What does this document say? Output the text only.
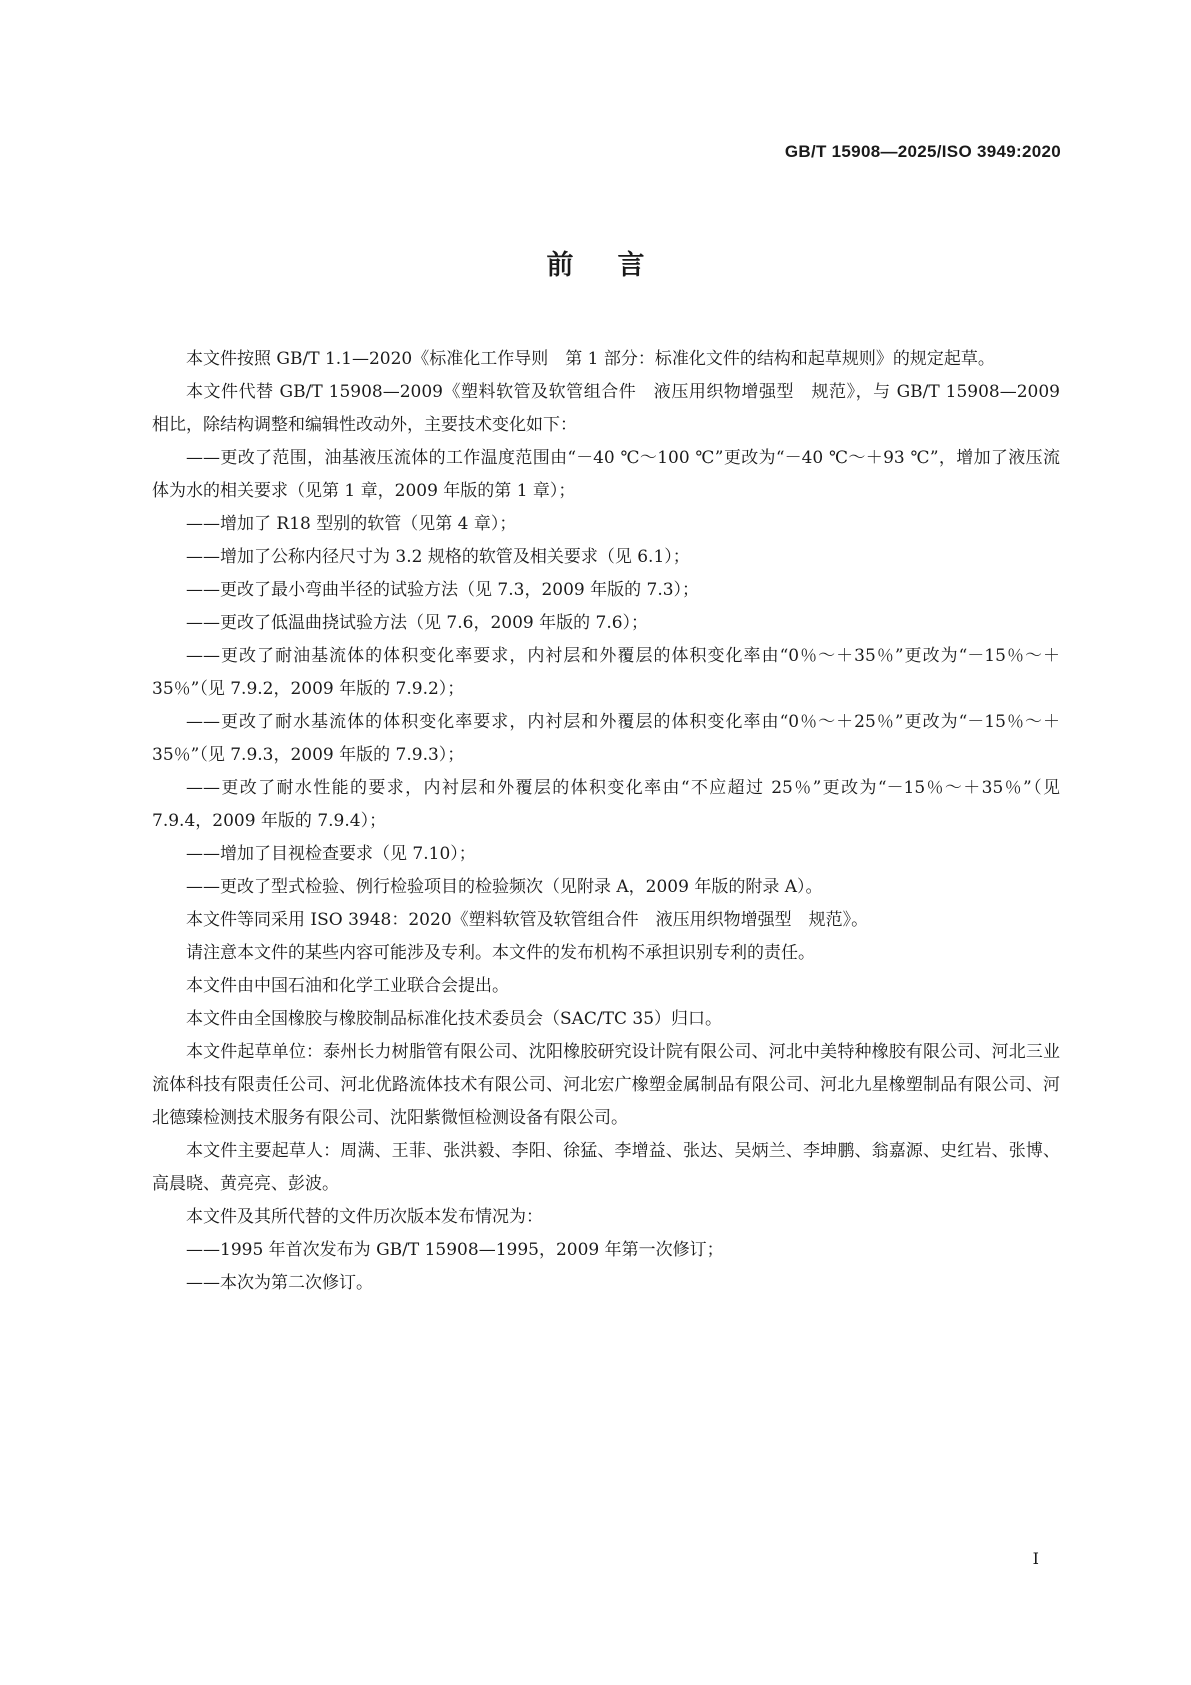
GB/T 15908—2025/ISO 3949:2020
前言

本文件按照 GB/T 1.1—2020《标准化工作导则　第 1 部分：标准化文件的结构和起草规则》的规定起草。

本文件代替 GB/T 15908—2009《塑料软管及软管组合件　液压用织物增强型　规范》，与 GB/T 15908—2009 相比，除结构调整和编辑性改动外，主要技术变化如下：

——更改了范围，油基液压流体的工作温度范围由“－40 ℃～100 ℃”更改为“－40 ℃～＋93 ℃”，增加了液压流体为水的相关要求（见第 1 章，2009 年版的第 1 章）；

——增加了 R18 型别的软管（见第 4 章）；

——增加了公称内径尺寸为 3.2 规格的软管及相关要求（见 6.1）；

——更改了最小弯曲半径的试验方法（见 7.3，2009 年版的 7.3）；

——更改了低温曲挠试验方法（见 7.6，2009 年版的 7.6）；

——更改了耐油基流体的体积变化率要求，内衬层和外覆层的体积变化率由“0％～＋35％”更改为“－15％～＋35％”（见 7.9.2，2009 年版的 7.9.2）；

——更改了耐水基流体的体积变化率要求，内衬层和外覆层的体积变化率由“0％～＋25％”更改为“－15％～＋35％”（见 7.9.3，2009 年版的 7.9.3）；

——更改了耐水性能的要求，内衬层和外覆层的体积变化率由“不应超过 25％”更改为“－15％～＋35％”（见 7.9.4，2009 年版的 7.9.4）；

——增加了目视检查要求（见 7.10）；

——更改了型式检验、例行检验项目的检验频次（见附录 A，2009 年版的附录 A）。

本文件等同采用 ISO 3948：2020《塑料软管及软管组合件　液压用织物增强型　规范》。

请注意本文件的某些内容可能涉及专利。本文件的发布机构不承担识别专利的责任。

本文件由中国石油和化学工业联合会提出。

本文件由全国橡胶与橡胶制品标准化技术委员会（SAC/TC 35）归口。

本文件起草单位：泰州长力树脂管有限公司、沈阳橡胶研究设计院有限公司、河北中美特种橡胶有限公司、河北三业流体科技有限责任公司、河北优路流体技术有限公司、河北宏广橡塑金属制品有限公司、河北九星橡塑制品有限公司、河北德臻检测技术服务有限公司、沈阳紫微恒检测设备有限公司。

本文件主要起草人：周满、王菲、张洪毅、李阳、徐猛、李增益、张达、吴炳兰、李坤鹏、翁嘉源、史红岩、张博、高晨晓、黄亮亮、彭波。

本文件及其所代替的文件历次版本发布情况为：

——1995 年首次发布为 GB/T 15908—1995，2009 年第一次修订；

——本次为第二次修订。

I
